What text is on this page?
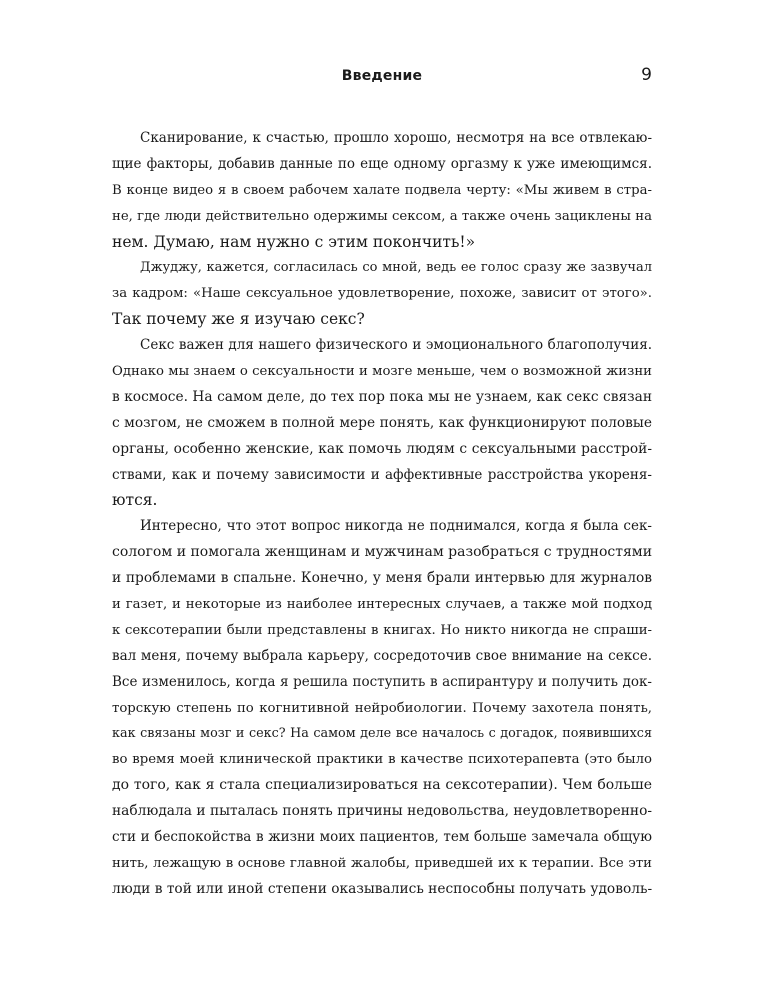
Введение	9
Сканирование, к счастью, прошло хорошо, несмотря на все отвлекаю-
щие факторы, добавив данные по еще одному оргазму к уже имеющимся.
В конце видео я в своем рабочем халате подвела черту: «Мы живем в стра-
не, где люди действительно одержимы сексом, а также очень зациклены на
нем. Думаю, нам нужно с этим покончить!»
Джуджу, кажется, согласилась со мной, ведь ее голос сразу же зазвучал
за кадром: «Наше сексуальное удовлетворение, похоже, зависит от этого».
Так почему же я изучаю секс?
Секс важен для нашего физического и эмоционального благополучия.
Однако мы знаем о сексуальности и мозге меньше, чем о возможной жизни
в космосе. На самом деле, до тех пор пока мы не узнаем, как секс связан
с мозгом, не сможем в полной мере понять, как функционируют половые
органы, особенно женские, как помочь людям с сексуальными расстрой-
ствами, как и почему зависимости и аффективные расстройства укореня-
ются.
Интересно, что этот вопрос никогда не поднимался, когда я была сек-
сологом и помогала женщинам и мужчинам разобраться с трудностями
и проблемами в спальне. Конечно, у меня брали интервью для журналов
и газет, и некоторые из наиболее интересных случаев, а также мой подход
к сексотерапии были представлены в книгах. Но никто никогда не спраши-
вал меня, почему выбрала карьеру, сосредоточив свое внимание на сексе.
Все изменилось, когда я решила поступить в аспирантуру и получить док-
торскую степень по когнитивной нейробиологии. Почему захотела понять,
как связаны мозг и секс? На самом деле все началось с догадок, появившихся
во время моей клинической практики в качестве психотерапевта (это было
до того, как я стала специализироваться на сексотерапии). Чем больше
наблюдала и пыталась понять причины недовольства, неудовлетворенно-
сти и беспокойства в жизни моих пациентов, тем больше замечала общую
нить, лежащую в основе главной жалобы, приведшей их к терапии. Все эти
люди в той или иной степени оказывались неспособны получать удоволь-
